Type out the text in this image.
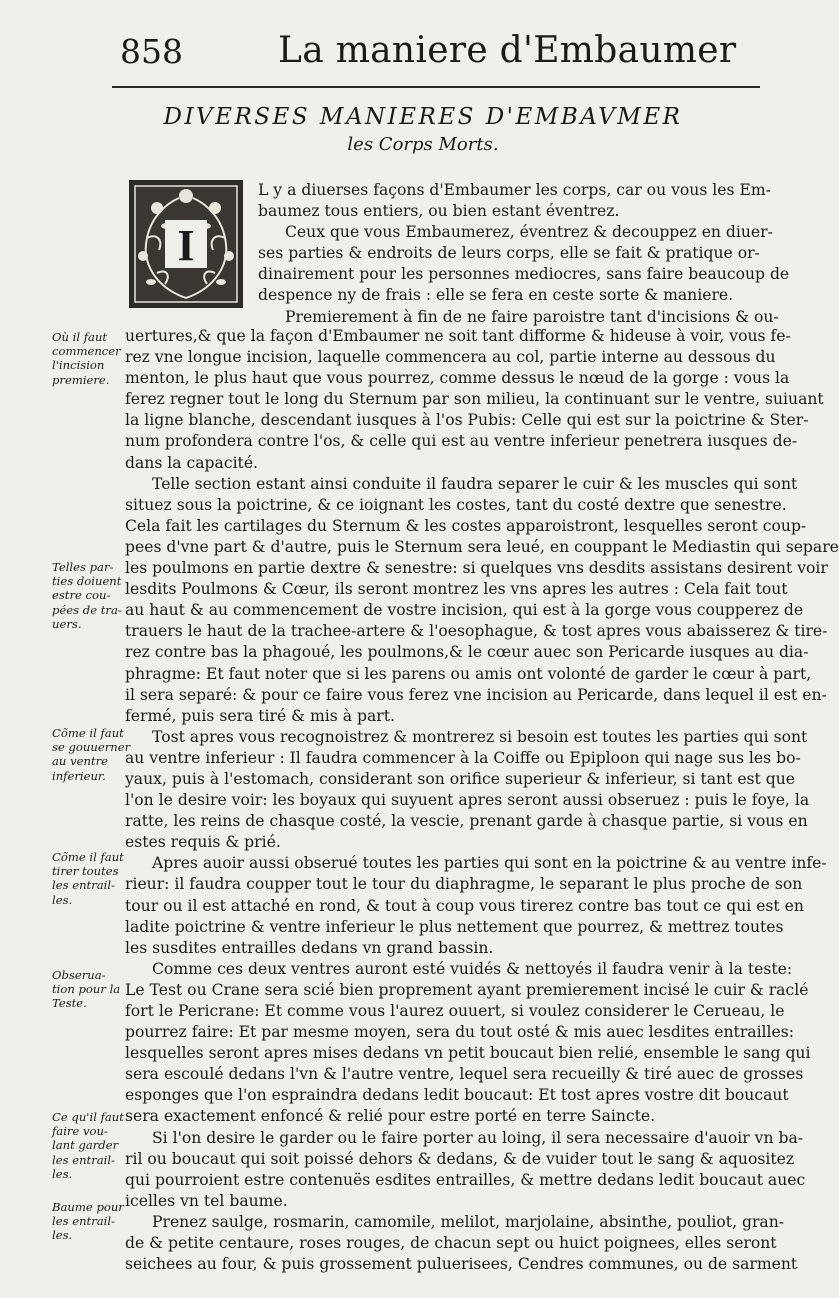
858	La maniere d'Embaumer
DIVERSES MANIERES D'EMBAVMER
les Corps Morts.
I
L y a diuerses façons d'Embaumer les corps, car ou vous les Em-
baumez tous entiers, ou bien estant éventrez.
Ceux que vous Embaumerez, éventrez & decouppez en diuer-
ses parties & endroits de leurs corps, elle se fait & pratique or-
dinairement pour les personnes mediocres, sans faire beaucoup de
despence ny de frais : elle se fera en ceste sorte & maniere.
Premierement à fin de ne faire paroistre tant d'incisions & ou-
uertures,& que la façon d'Embaumer ne soit tant difforme & hideuse à voir, vous fe-
rez vne longue incision, laquelle commencera au col, partie interne au dessous du
menton, le plus haut que vous pourrez, comme dessus le nœud de la gorge : vous la
ferez regner tout le long du Sternum par son milieu, la continuant sur le ventre, suiuant
la ligne blanche, descendant iusques à l'os Pubis: Celle qui est sur la poictrine & Ster-
num profondera contre l'os, & celle qui est au ventre inferieur penetrera iusques de-
dans la capacité.
Telle section estant ainsi conduite il faudra separer le cuir & les muscles qui sont
situez sous la poictrine, & ce ioignant les costes, tant du costé dextre que senestre.
Cela fait les cartilages du Sternum & les costes apparoistront, lesquelles seront coup-
pees d'vne part & d'autre, puis le Sternum sera leué, en couppant le Mediastin qui separe
les poulmons en partie dextre & senestre: si quelques vns desdits assistans desirent voir
lesdits Poulmons & Cœur, ils seront montrez les vns apres les autres : Cela fait tout
au haut & au commencement de vostre incision, qui est à la gorge vous coupperez de
trauers le haut de la trachee-artere & l'oesophague, & tost apres vous abaisserez & tire-
rez contre bas la phagoué, les poulmons,& le cœur auec son Pericarde iusques au dia-
phragme: Et faut noter que si les parens ou amis ont volonté de garder le cœur à part,
il sera separé: & pour ce faire vous ferez vne incision au Pericarde, dans lequel il est en-
fermé, puis sera tiré & mis à part.
Tost apres vous recognoistrez & montrerez si besoin est toutes les parties qui sont
au ventre inferieur : Il faudra commencer à la Coiffe ou Epiploon qui nage sus les bo-
yaux, puis à l'estomach, considerant son orifice superieur & inferieur, si tant est que
l'on le desire voir: les boyaux qui suyuent apres seront aussi obseruez : puis le foye, la
ratte, les reins de chasque costé, la vescie, prenant garde à chasque partie, si vous en
estes requis & prié.
Apres auoir aussi obserué toutes les parties qui sont en la poictrine & au ventre infe-
rieur: il faudra coupper tout le tour du diaphragme, le separant le plus proche de son
tour ou il est attaché en rond, & tout à coup vous tirerez contre bas tout ce qui est en
ladite poictrine & ventre inferieur le plus nettement que pourrez, & mettrez toutes
les susdites entrailles dedans vn grand bassin.
Comme ces deux ventres auront esté vuidés & nettoyés il faudra venir à la teste:
Le Test ou Crane sera scié bien proprement ayant premierement incisé le cuir & raclé
fort le Pericrane: Et comme vous l'aurez ouuert, si voulez considerer le Cerueau, le
pourrez faire: Et par mesme moyen, sera du tout osté & mis auec lesdites entrailles:
lesquelles seront apres mises dedans vn petit boucaut bien relié, ensemble le sang qui
sera escoulé dedans l'vn & l'autre ventre, lequel sera recueilly & tiré auec de grosses
esponges que l'on espraindra dedans ledit boucaut: Et tost apres vostre dit boucaut
sera exactement enfoncé & relié pour estre porté en terre Saincte.
Si l'on desire le garder ou le faire porter au loing, il sera necessaire d'auoir vn ba-
ril ou boucaut qui soit poissé dehors & dedans, & de vuider tout le sang & aquositez
qui pourroient estre contenuës esdites entrailles, & mettre dedans ledit boucaut auec
icelles vn tel baume.
Prenez saulge, rosmarin, camomile, melilot, marjolaine, absinthe, pouliot, gran-
de & petite centaure, roses rouges, de chacun sept ou huict poignees, elles seront
seichees au four, & puis grossement puluerisees, Cendres communes, ou de sarment
Où il faut
commencer
l'incision
premiere.
Telles par-
ties doiuent
estre cou-
pées de tra-
uers.
Cõme il faut
se gouuerner
au ventre
inferieur.
Cõme il faut
tirer toutes
les entrail-
les.
Obserua-
tion pour la
Teste.
Ce qu'il faut
faire vou-
lant garder
les entrail-
les.
Baume pour
les entrail-
les.
